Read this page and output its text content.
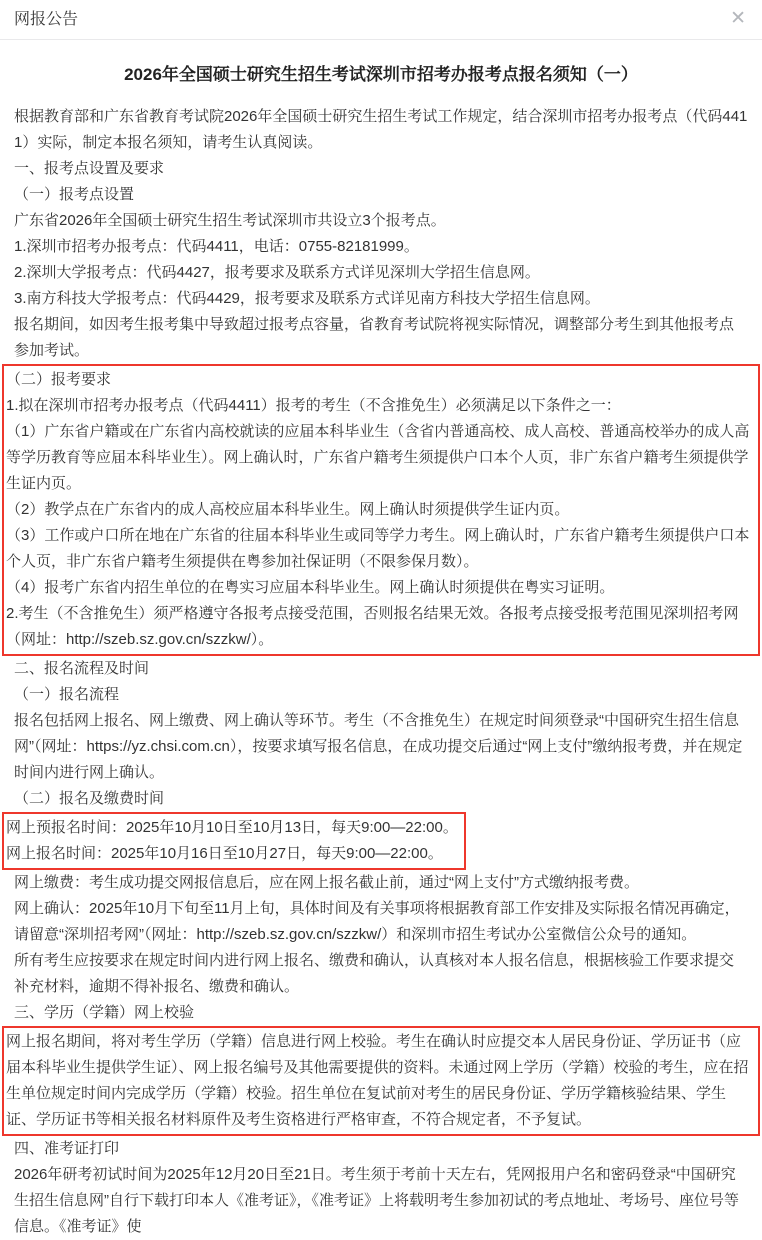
网报公告	✕
2026年全国硕士研究生招生考试深圳市招考办报考点报名须知（一）

根据教育部和广东省教育考试院2026年全国硕士研究生招生考试工作规定，结合深圳市招考办报考点（代码4411）实际，制定本报名须知，请考生认真阅读。

一、报考点设置及要求

（一）报考点设置

广东省2026年全国硕士研究生招生考试深圳市共设立3个报考点。

1.深圳市招考办报考点：代码4411，电话：0755-82181999。

2.深圳大学报考点：代码4427，报考要求及联系方式详见深圳大学招生信息网。

3.南方科技大学报考点：代码4429，报考要求及联系方式详见南方科技大学招生信息网。

报名期间，如因考生报考集中导致超过报考点容量，省教育考试院将视实际情况，调整部分考生到其他报考点参加考试。

（二）报考要求

1.拟在深圳市招考办报考点（代码4411）报考的考生（不含推免生）必须满足以下条件之一：

（1）广东省户籍或在广东省内高校就读的应届本科毕业生（含省内普通高校、成人高校、普通高校举办的成人高等学历教育等应届本科毕业生）。网上确认时，广东省户籍考生须提供户口本个人页，非广东省户籍考生须提供学生证内页。

（2）教学点在广东省内的成人高校应届本科毕业生。网上确认时须提供学生证内页。

（3）工作或户口所在地在广东省的往届本科毕业生或同等学力考生。网上确认时，广东省户籍考生须提供户口本个人页，非广东省户籍考生须提供在粤参加社保证明（不限参保月数）。

（4）报考广东省内招生单位的在粤实习应届本科毕业生。网上确认时须提供在粤实习证明。

2.考生（不含推免生）须严格遵守各报考点接受范围，否则报名结果无效。各报考点接受报考范围见深圳招考网（网址：http://szeb.sz.gov.cn/szzkw/）。

二、报名流程及时间

（一）报名流程

报名包括网上报名、网上缴费、网上确认等环节。考生（不含推免生）在规定时间须登录“中国研究生招生信息网”（网址：https://yz.chsi.com.cn），按要求填写报名信息，在成功提交后通过“网上支付”缴纳报考费，并在规定时间内进行网上确认。

（二）报名及缴费时间

网上预报名时间：2025年10月10日至10月13日，每天9:00—22:00。

网上报名时间：2025年10月16日至10月27日，每天9:00—22:00。

网上缴费：考生成功提交网报信息后，应在网上报名截止前，通过“网上支付”方式缴纳报考费。

网上确认：2025年10月下旬至11月上旬，具体时间及有关事项将根据教育部工作安排及实际报名情况再确定，请留意“深圳招考网”（网址：http://szeb.sz.gov.cn/szzkw/）和深圳市招生考试办公室微信公众号的通知。

所有考生应按要求在规定时间内进行网上报名、缴费和确认，认真核对本人报名信息，根据核验工作要求提交补充材料，逾期不得补报名、缴费和确认。

三、学历（学籍）网上校验

网上报名期间，将对考生学历（学籍）信息进行网上校验。考生在确认时应提交本人居民身份证、学历证书（应届本科毕业生提供学生证）、网上报名编号及其他需要提供的资料。未通过网上学历（学籍）校验的考生，应在招生单位规定时间内完成学历（学籍）校验。招生单位在复试前对考生的居民身份证、学历学籍核验结果、学生证、学历证书等相关报名材料原件及考生资格进行严格审查，不符合规定者，不予复试。

四、准考证打印

2026年研考初试时间为2025年12月20日至21日。考生须于考前十天左右，凭网报用户名和密码登录“中国研究生招生信息网”自行下载打印本人《准考证》，《准考证》上将载明考生参加初试的考点地址、考场号、座位号等信息。《准考证》使
